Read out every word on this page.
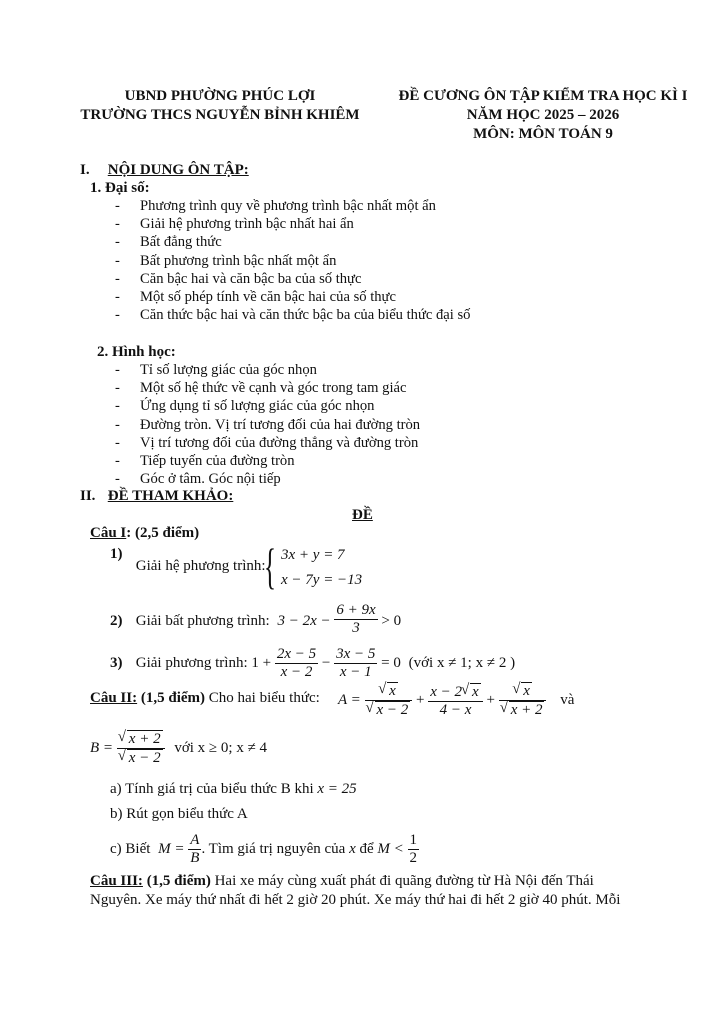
UBND PHƯỜNG PHÚC LỢI
TRƯỜNG THCS NGUYỄN BỈNH KHIÊM
ĐỀ CƯƠNG ÔN TẬP KIỂM TRA HỌC KÌ I
NĂM HỌC 2025 – 2026
MÔN: MÔN TOÁN 9
I. NỘI DUNG ÔN TẬP:
1. Đại số:
- Phương trình quy về phương trình bậc nhất một ẩn
- Giải hệ phương trình bậc nhất hai ẩn
- Bất đẳng thức
- Bất phương trình bậc nhất một ẩn
- Căn bậc hai và căn bậc ba của số thực
- Một số phép tính về căn bậc hai của số thực
- Căn thức bậc hai và căn thức bậc ba của biểu thức đại số
2. Hình học:
- Tỉ số lượng giác của góc nhọn
- Một số hệ thức về cạnh và góc trong tam giác
- Ứng dụng tỉ số lượng giác của góc nhọn
- Đường tròn. Vị trí tương đối của hai đường tròn
- Vị trí tương đối của đường thẳng và đường tròn
- Tiếp tuyến của đường tròn
- Góc ở tâm. Góc nội tiếp
II. ĐỀ THAM KHẢO:
ĐỀ
Câu I: (2,5 điểm)
1) Giải hệ phương trình:
{ 3x + y = 7
x − 7y = −13
2) Giải bất phương trình: $3 - 2x - \frac{6 + 9x}{3} > 0$
3) Giải phương trình: $1 + \frac{2x - 5}{x - 2} - \frac{3x - 5}{x - 1} = 0$ (với x ≠ 1; x ≠ 2 )
Câu II: (1,5 điểm) Cho hai biểu thức: A = √ x
√ $x - 2 + \frac{x - 2 √ x}{4 - x}$ + √ x
√ x + 2 và
B = √ x + 2
√ x − 2 với x ≥ 0; x ≠ 4
a) Tính giá trị của biểu thức B khi x = 25
b) Rút gọn biểu thức A
c) Biết $M = \frac{A}{B}$ . Tìm giá trị nguyên của x để $M < \frac{1}{2}$
Câu III: (1,5 điểm) Hai xe máy cùng xuất phát đi quãng đường từ Hà Nội đến Thái
Nguyên. Xe máy thứ nhất đi hết 2 giờ 20 phút. Xe máy thứ hai đi hết 2 giờ 40 phút. Mỗi
